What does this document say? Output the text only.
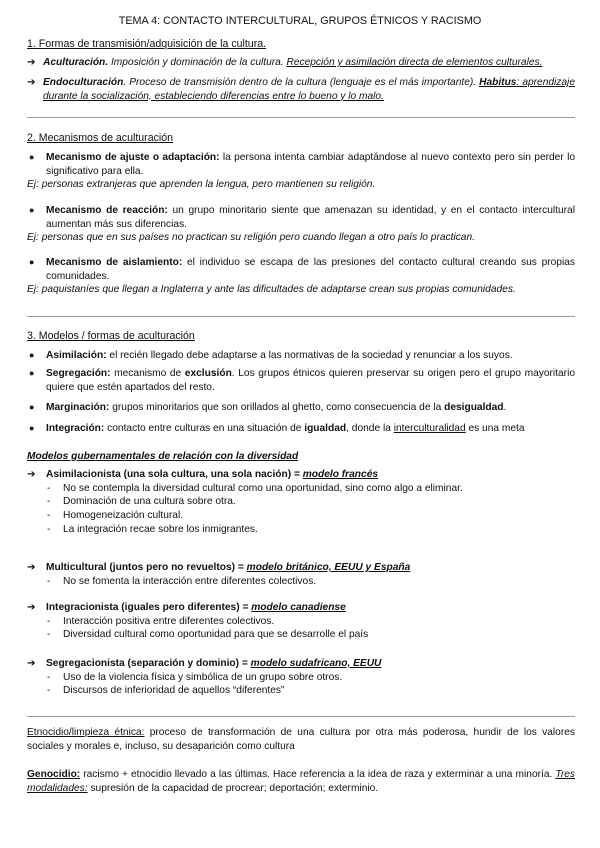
TEMA 4: CONTACTO INTERCULTURAL, GRUPOS ÉTNICOS Y RACISMO
1. Formas de transmisión/adquisición de la cultura.

➔ Aculturación. Imposición y dominación de la cultura. Recepción y asimilación directa de elementos culturales.

➔ Endoculturación. Proceso de transmisión dentro de la cultura (lenguaje es el más importante). Habitus: aprendizaje durante la socialización, estableciendo diferencias entre lo bueno y lo malo.

2. Mecanismos de aculturación

● Mecanismo de ajuste o adaptación: la persona intenta cambiar adaptándose al nuevo contexto pero sin perder lo significativo para ella.

Ej: personas extranjeras que aprenden la lengua, pero mantienen su religión.

● Mecanismo de reacción: un grupo minoritario siente que amenazan su identidad, y en el contacto intercultural aumentan más sus diferencias.

Ej: personas que en sus países no practican su religión pero cuando llegan a otro país lo practican.

● Mecanismo de aislamiento: el individuo se escapa de las presiones del contacto cultural creando sus propias comunidades.

Ej: paquistaníes que llegan a Inglaterra y ante las dificultades de adaptarse crean sus propias comunidades.

3. Modelos / formas de aculturación

● Asimilación: el recién llegado debe adaptarse a las normativas de la sociedad y renunciar a los suyos.

● Segregación: mecanismo de exclusión. Los grupos étnicos quieren preservar su origen pero el grupo mayoritario quiere que estén apartados del resto.

● Marginación: grupos minoritarios que son orillados al ghetto, como consecuencia de la desigualdad.

● Integración: contacto entre culturas en una situación de igualdad, donde la interculturalidad es una meta

Modelos gubernamentales de relación con la diversidad

➔ Asimilacionista (una sola cultura, una sola nación) = modelo francés

- No se contempla la diversidad cultural como una oportunidad, sino como algo a eliminar.

- Dominación de una cultura sobre otra.

- Homogeneización cultural.

- La integración recae sobre los inmigrantes.

➔ Multicultural (juntos pero no revueltos) = modelo británico, EEUU y España

- No se fomenta la interacción entre diferentes colectivos.

➔ Integracionista (iguales pero diferentes) = modelo canadiense

- Interacción positiva entre diferentes colectivos.

- Diversidad cultural como oportunidad para que se desarrolle el país

➔ Segregacionista (separación y dominio) = modelo sudafricano, EEUU

- Uso de la violencia física y simbólica de un grupo sobre otros.

- Discursos de inferioridad de aquellos “diferentes”

Etnocidio/limpieza étnica: proceso de transformación de una cultura por otra más poderosa, hundir de los valores sociales y morales e, incluso, su desaparición como cultura

Genocidio: racismo + etnocidio llevado a las últimas. Hace referencia a la idea de raza y exterminar a una minoría. Tres modalidades: supresión de la capacidad de procrear; deportación; exterminio.
